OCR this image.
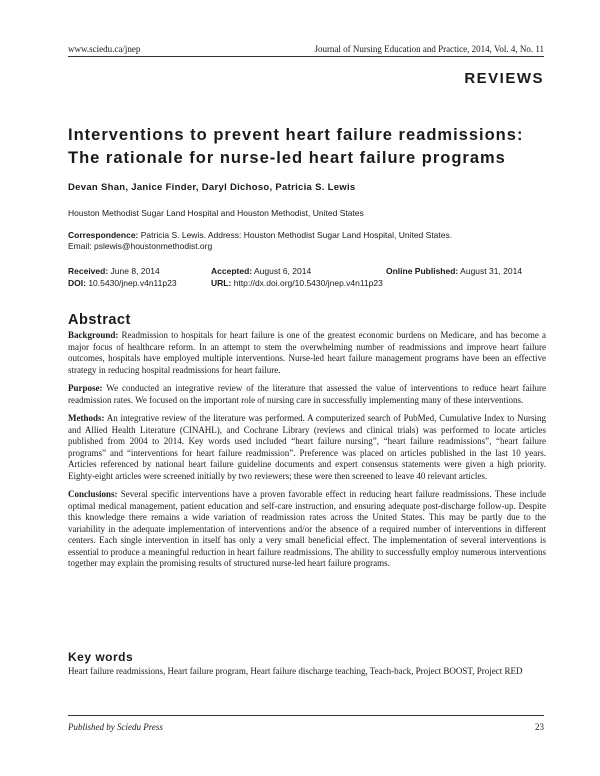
www.sciedu.ca/jnep	Journal of Nursing Education and Practice, 2014, Vol. 4, No. 11
REVIEWS
Interventions to prevent heart failure readmissions:
The rationale for nurse-led heart failure programs
Devan Shan, Janice Finder, Daryl Dichoso, Patricia S. Lewis
Houston Methodist Sugar Land Hospital and Houston Methodist, United States
Correspondence: Patricia S. Lewis. Address: Houston Methodist Sugar Land Hospital, United States.
Email: pslewis@houstonmethodist.org
Received: June 8, 2014	Accepted: August 6, 2014	Online Published: August 31, 2014
DOI: 10.5430/jnep.v4n11p23	URL: http://dx.doi.org/10.5430/jnep.v4n11p23
Abstract

Background: Readmission to hospitals for heart failure is one of the greatest economic burdens on Medicare, and has become a major focus of healthcare reform. In an attempt to stem the overwhelming number of readmissions and improve heart failure outcomes, hospitals have employed multiple interventions. Nurse-led heart failure management programs have been an effective strategy in reducing hospital readmissions for heart failure.

Purpose: We conducted an integrative review of the literature that assessed the value of interventions to reduce heart failure readmission rates. We focused on the important role of nursing care in successfully implementing many of these interventions.

Methods: An integrative review of the literature was performed. A computerized search of PubMed, Cumulative Index to Nursing and Allied Health Literature (CINAHL), and Cochrane Library (reviews and clinical trials) was performed to locate articles published from 2004 to 2014. Key words used included “heart failure nursing”, “heart failure readmissions”, “heart failure programs” and “interventions for heart failure readmission”. Preference was placed on articles published in the last 10 years. Articles referenced by national heart failure guideline documents and expert consensus statements were given a high priority. Eighty-eight articles were screened initially by two reviewers; these were then screened to leave 40 relevant articles.

Conclusions: Several specific interventions have a proven favorable effect in reducing heart failure readmissions. These include optimal medical management, patient education and self-care instruction, and ensuring adequate post-discharge follow-up. Despite this knowledge there remains a wide variation of readmission rates across the United States. This may be partly due to the variability in the adequate implementation of interventions and/or the absence of a required number of interventions in different centers. Each single intervention in itself has only a very small beneficial effect. The implementation of several interventions is essential to produce a meaningful reduction in heart failure readmissions. The ability to successfully employ numerous interventions together may explain the promising results of structured nurse-led heart failure programs.

Key words
Heart failure readmissions, Heart failure program, Heart failure discharge teaching, Teach-back, Project BOOST, Project RED
Published by Sciedu Press	23
